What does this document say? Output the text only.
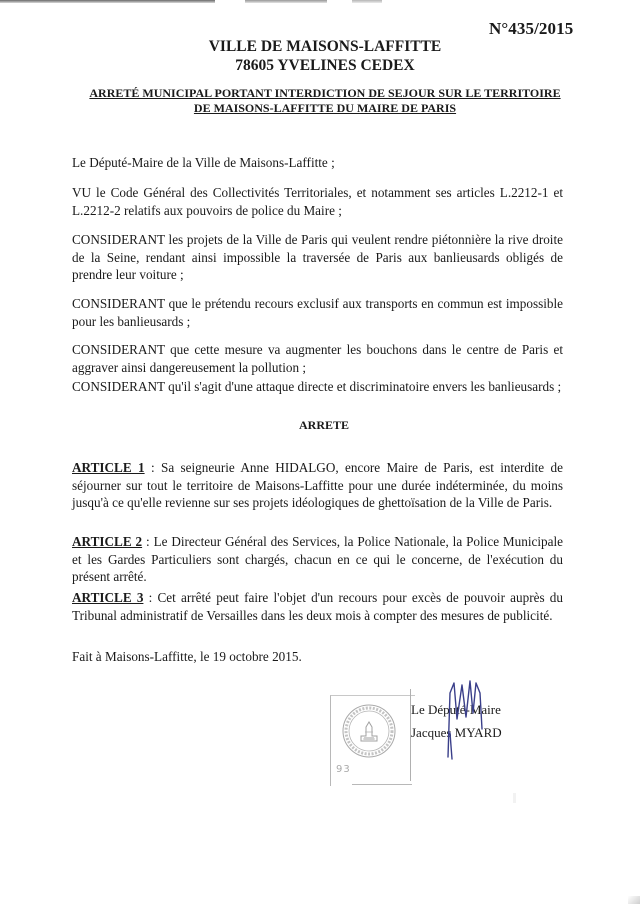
N°435/2015
VILLE DE MAISONS-LAFFITTE
78605 YVELINES CEDEX
ARRETÉ MUNICIPAL PORTANT INTERDICTION DE SEJOUR SUR LE TERRITOIRE
DE MAISONS-LAFFITTE DU MAIRE DE PARIS
Le Député-Maire de la Ville de Maisons-Laffitte ;
VU le Code Général des Collectivités Territoriales, et notamment ses articles L.2212-1 et L.2212-2 relatifs aux pouvoirs de police du Maire ;
CONSIDERANT les projets de la Ville de Paris qui veulent rendre piétonnière la rive droite de la Seine, rendant ainsi impossible la traversée de Paris aux banlieusards obligés de prendre leur voiture ;
CONSIDERANT que le prétendu recours exclusif aux transports en commun est impossible pour les banlieusards ;
CONSIDERANT que cette mesure va augmenter les bouchons dans le centre de Paris et aggraver ainsi dangereusement la pollution ;
CONSIDERANT qu'il s'agit d'une attaque directe et discriminatoire envers les banlieusards ;
ARRETE
ARTICLE 1 : Sa seigneurie Anne HIDALGO, encore Maire de Paris, est interdite de séjourner sur tout le territoire de Maisons-Laffitte pour une durée indéterminée, du moins jusqu'à ce qu'elle revienne sur ses projets idéologiques de ghettoïsation de la Ville de Paris.
ARTICLE 2 : Le Directeur Général des Services, la Police Nationale, la Police Municipale et les Gardes Particuliers sont chargés, chacun en ce qui le concerne, de l'exécution du présent arrêté.
ARTICLE 3 : Cet arrêté peut faire l'objet d'un recours pour excès de pouvoir auprès du Tribunal administratif de Versailles dans les deux mois à compter des mesures de publicité.
Fait à Maisons-Laffitte, le 19 octobre 2015.
93
Le Député-Maire
Jacques MYARD
